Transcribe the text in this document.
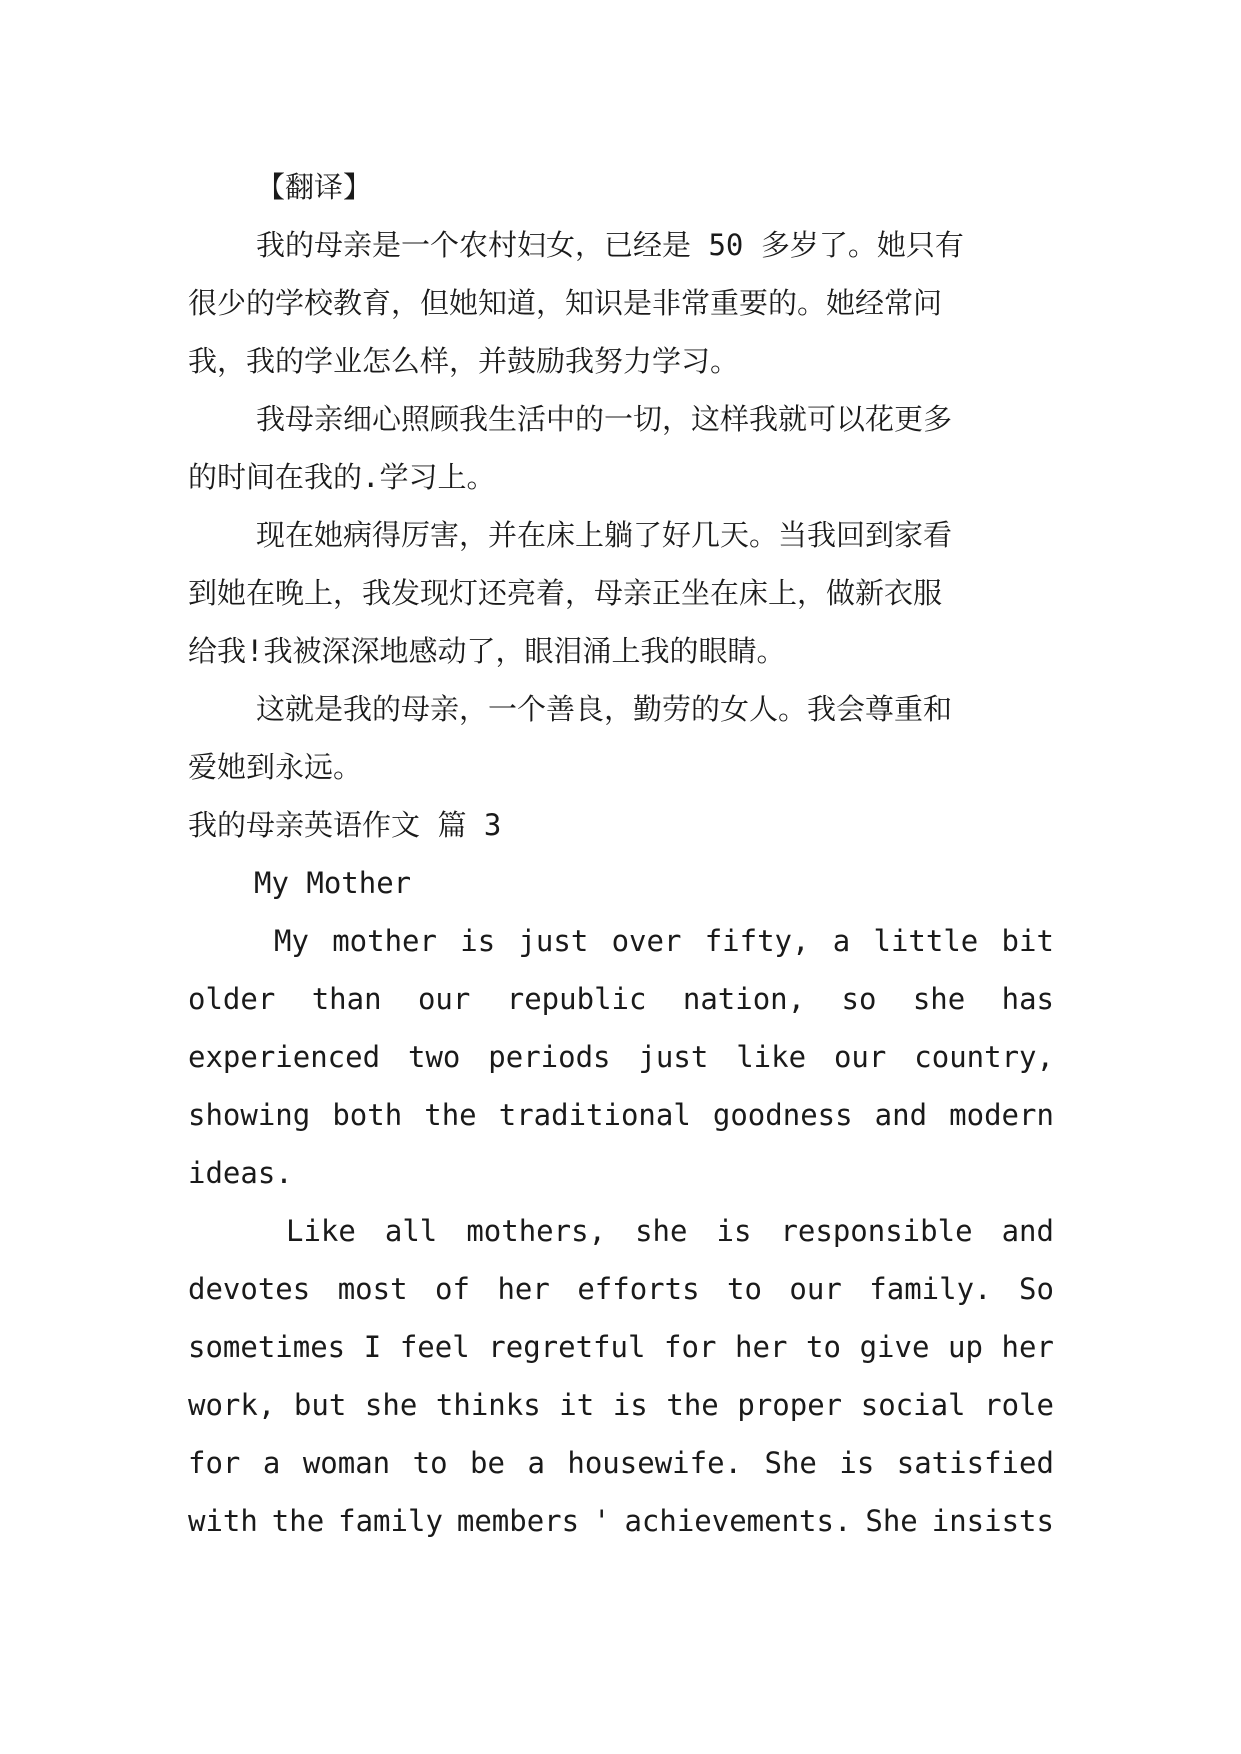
【翻译】
我的母亲是一个农村妇女，已经是 50 多岁了。她只有
很少的学校教育，但她知道，知识是非常重要的。她经常问
我，我的学业怎么样，并鼓励我努力学习。
我母亲细心照顾我生活中的一切，这样我就可以花更多
的时间在我的.学习上。
现在她病得厉害，并在床上躺了好几天。当我回到家看
到她在晚上，我发现灯还亮着，母亲正坐在床上，做新衣服
给我!我被深深地感动了，眼泪涌上我的眼睛。
这就是我的母亲，一个善良，勤劳的女人。我会尊重和
爱她到永远。
我的母亲英语作文 篇 3
My Mother
My mother is just over fifty, a little bit
older than our republic nation, so she has
experienced two periods just like our country,
showing both the traditional goodness and modern
ideas.
Like all mothers, she is responsible and
devotes most of her efforts to our family. So
sometimes I feel regretful for her to give up her
work, but she thinks it is the proper social role
for a woman to be a housewife. She is satisfied
with the family members ' achievements. She insists
